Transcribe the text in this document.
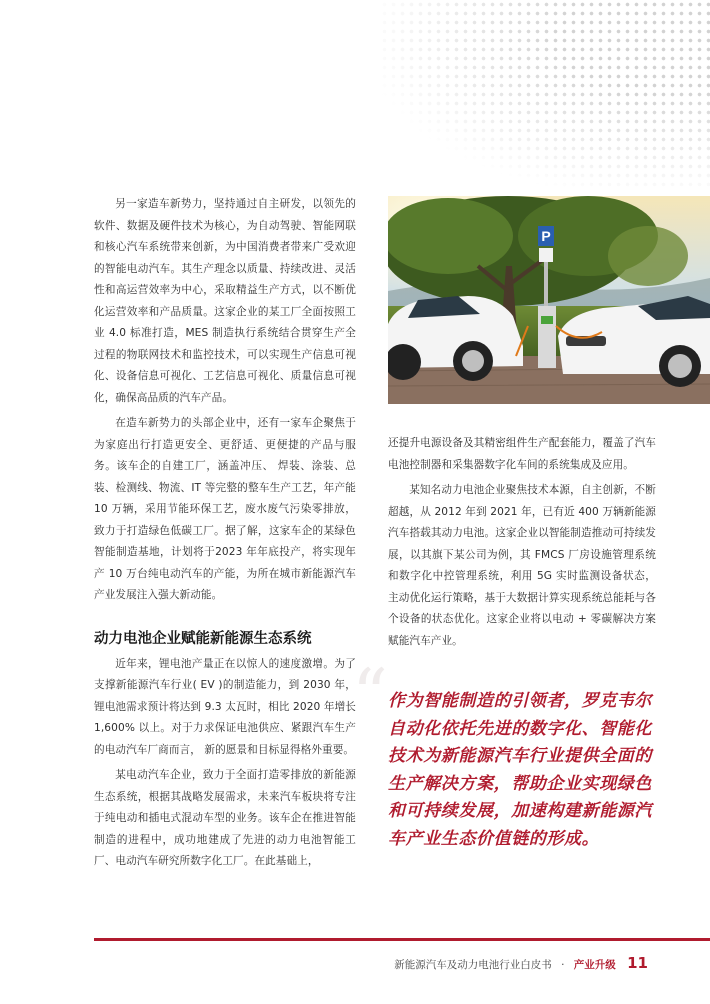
另一家造车新势力，坚持通过自主研发，以领先的软件、数据及硬件技术为核心，为自动驾驶、智能网联和核心汽车系统带来创新，为中国消费者带来广受欢迎的智能电动汽车。其生产理念以质量、持续改进、灵活性和高运营效率为中心，采取精益生产方式，以不断优化运营效率和产品质量。这家企业的某工厂全面按照工业 4.0 标准打造，MES 制造执行系统结合贯穿生产全过程的物联网技术和监控技术，可以实现生产信息可视化、设备信息可视化、工艺信息可视化、质量信息可视化，确保高品质的汽车产品。

在造车新势力的头部企业中，还有一家车企聚焦于为家庭出行打造更安全、更舒适、更便捷的产品与服务。该车企的自建工厂，涵盖冲压、 焊装、涂装、总装、检测线、物流、IT 等完整的整车生产工艺，年产能 10 万辆，采用节能环保工艺，废水废气污染零排放，致力于打造绿色低碳工厂。据了解，这家车企的某绿色智能制造基地，计划将于2023 年年底投产，将实现年产 10 万台纯电动汽车的产能，为所在城市新能源汽车产业发展注入强大新动能。

动力电池企业赋能新能源生态系统

近年来，锂电池产量正在以惊人的速度激增。为了支撑新能源汽车行业( EV )的制造能力，到 2030 年，锂电池需求预计将达到 9.3 太瓦时，相比 2020 年增长 1,600% 以上。对于力求保证电池供应、紧跟汽车生产的电动汽车厂商而言， 新的愿景和目标显得格外重要。

某电动汽车企业，致力于全面打造零排放的新能源生态系统，根据其战略发展需求，未来汽车板块将专注于纯电动和插电式混动车型的业务。该车企在推进智能制造的进程中，成功地建成了先进的动力电池智能工厂、电动汽车研究所数字化工厂。在此基础上，

P

还提升电源设备及其精密组件生产配套能力，覆盖了汽车电池控制器和采集器数字化车间的系统集成及应用。

某知名动力电池企业聚焦技术本源，自主创新，不断超越，从 2012 年到 2021 年，已有近 400 万辆新能源汽车搭载其动力电池。这家企业以智能制造推动可持续发展，以其旗下某公司为例，其 FMCS 厂房设施管理系统和数字化中控管理系统，利用 5G 实时监测设备状态，主动优化运行策略，基于大数据计算实现系统总能耗与各个设备的状态优化。这家企业将以电动 + 零碳解决方案赋能汽车产业。

“ 作为智能制造的引领者，罗克韦尔自动化依托先进的数字化、智能化技术为新能源汽车行业提供全面的生产解决方案，帮助企业实现绿色和可持续发展，加速构建新能源汽车产业生态价值链的形成。

新能源汽车及动力电池行业白皮书 · 产业升级 11
